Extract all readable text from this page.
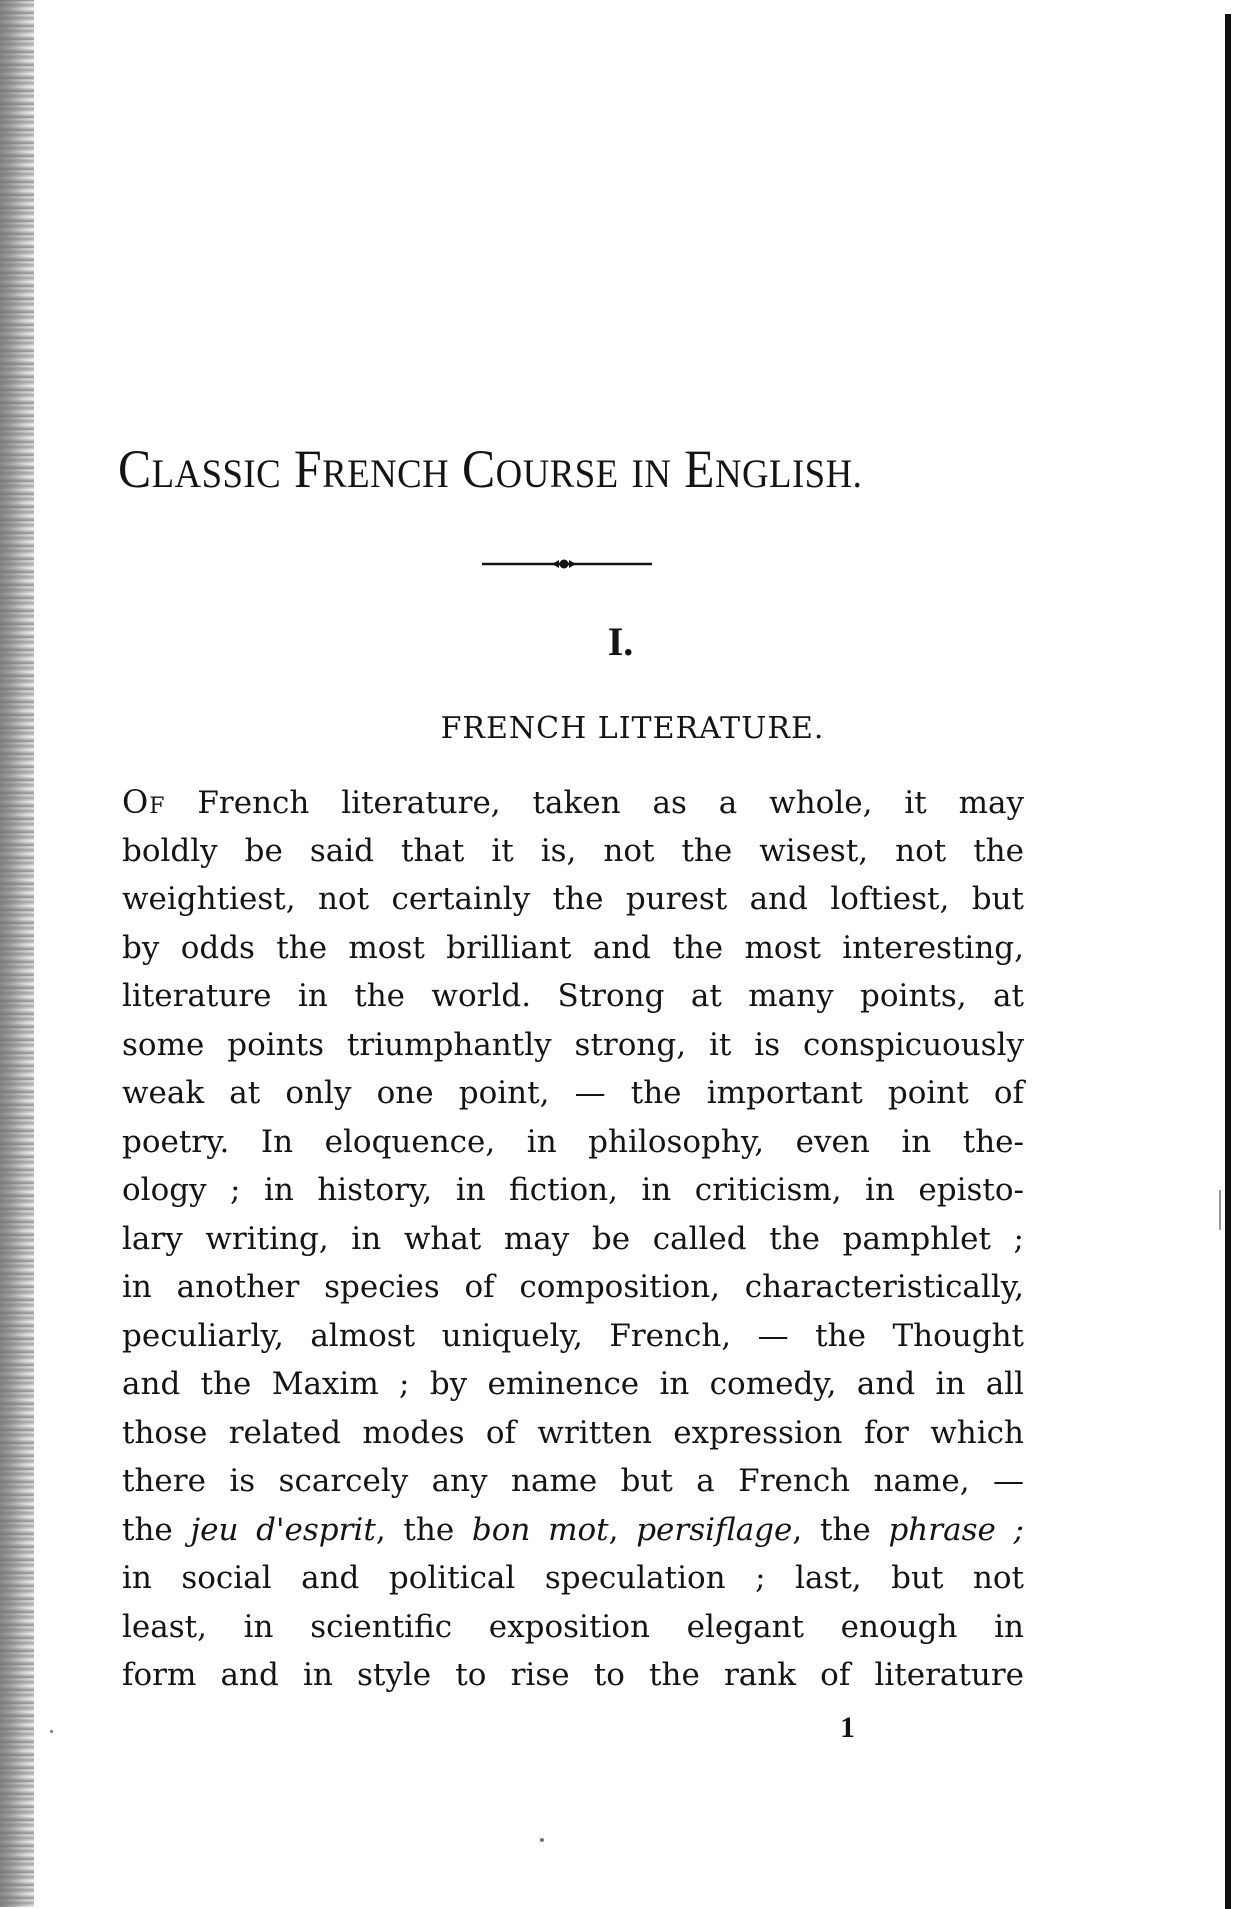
CLASSIC FRENCH COURSE IN ENGLISH.
I.
FRENCH LITERATURE.
OF French literature, taken as a whole, it may
boldly be said that it is, not the wisest, not the
weightiest, not certainly the purest and loftiest, but
by odds the most brilliant and the most interesting,
literature in the world. Strong at many points, at
some points triumphantly strong, it is conspicuously
weak at only one point, — the important point of
poetry. In eloquence, in philosophy, even in the-
ology ; in history, in fiction, in criticism, in episto-
lary writing, in what may be called the pamphlet ;
in another species of composition, characteristically,
peculiarly, almost uniquely, French, — the Thought
and the Maxim ; by eminence in comedy, and in all
those related modes of written expression for which
there is scarcely any name but a French name, —
the jeu d'esprit, the bon mot, persiflage, the phrase ;
in social and political speculation ; last, but not
least, in scientific exposition elegant enough in
form and in style to rise to the rank of literature
1
